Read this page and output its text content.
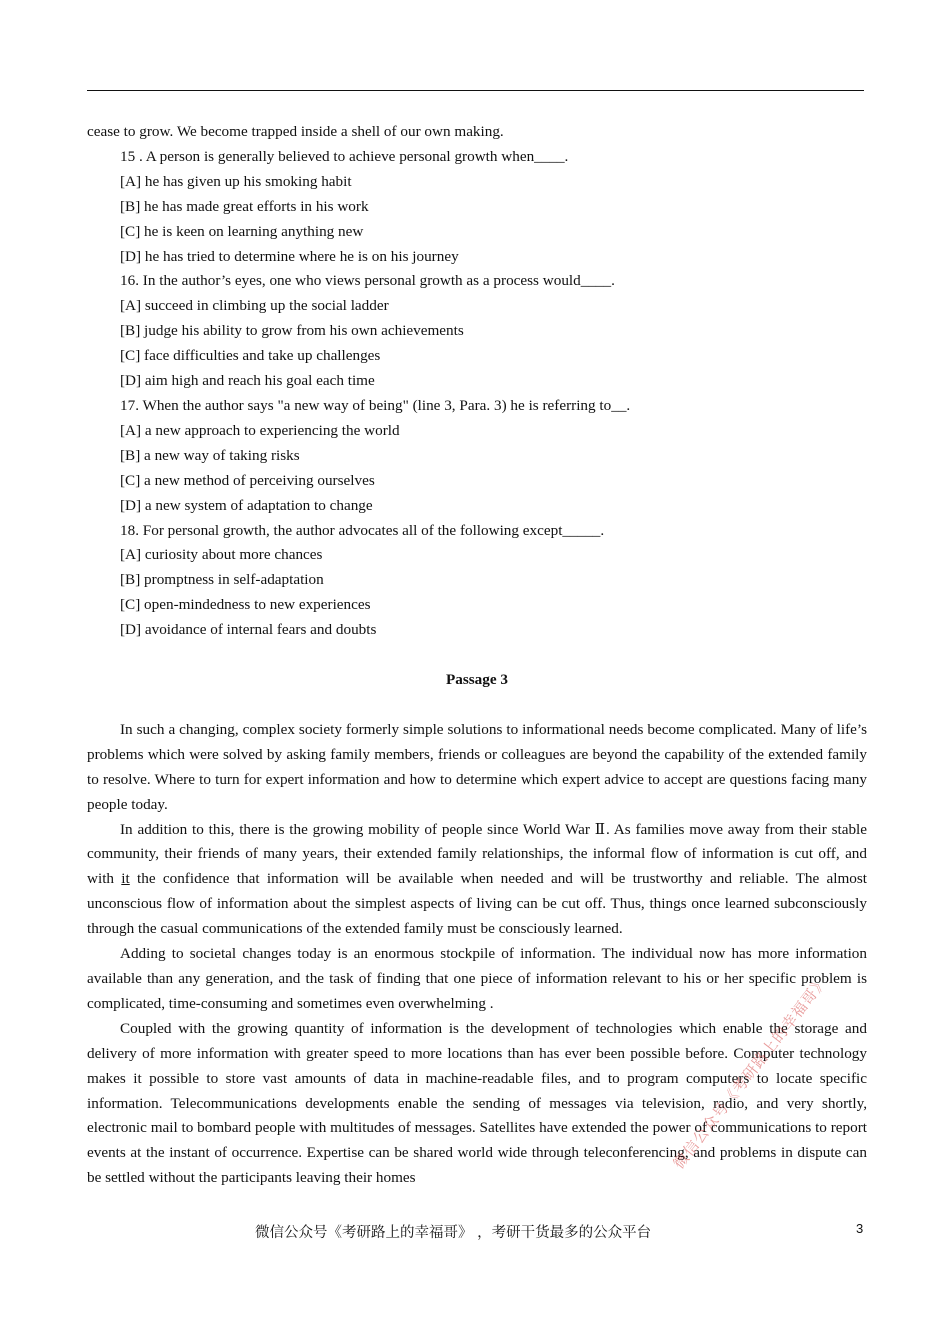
cease to grow. We become trapped inside a shell of our own making.
15 . A person is generally believed to achieve personal growth when____.
[A] he has given up his smoking habit
[B] he has made great efforts in his work
[C] he is keen on learning anything new
[D] he has tried to determine where he is on his journey
16. In the author’s eyes, one who views personal growth as a process would____.
[A] succeed in climbing up the social ladder
[B] judge his ability to grow from his own achievements
[C] face difficulties and take up challenges
[D] aim high and reach his goal each time
17. When the author says "a new way of being" (line 3, Para. 3) he is referring to__.
[A] a new approach to experiencing the world
[B] a new way of taking risks
[C] a new method of perceiving ourselves
[D] a new system of adaptation to change
18. For personal growth, the author advocates all of the following except_____.
[A] curiosity about more chances
[B] promptness in self-adaptation
[C] open-mindedness to new experiences
[D] avoidance of internal fears and doubts
Passage 3

In such a changing, complex society formerly simple solutions to informational needs become complicated. Many of life’s problems which were solved by asking family members, friends or colleagues are beyond the capability of the extended family to resolve. Where to turn for expert information and how to determine which expert advice to accept are questions facing many people today.

In addition to this, there is the growing mobility of people since World War Ⅱ. As families move away from their stable community, their friends of many years, their extended family relationships, the informal flow of information is cut off, and with it the confidence that information will be available when needed and will be trustworthy and reliable. The almost unconscious flow of information about the simplest aspects of living can be cut off. Thus, things once learned subconsciously through the casual communications of the extended family must be consciously learned.

Adding to societal changes today is an enormous stockpile of information. The individual now has more information available than any generation, and the task of finding that one piece of information relevant to his or her specific problem is complicated, time-consuming and sometimes even overwhelming .

Coupled with the growing quantity of information is the development of technologies which enable the storage and delivery of more information with greater speed to more locations than has ever been possible before. Computer technology makes it possible to store vast amounts of data in machine-readable files, and to program computers to locate specific information. Telecommunications developments enable the sending of messages via television, radio, and very shortly, electronic mail to bombard people with multitudes of messages. Satellites have extended the power of communications to report events at the instant of occurrence. Expertise can be shared world wide through teleconferencing, and problems in dispute can be settled without the participants leaving their homes

微信公众号《考研路上的幸福哥》
微信公众号《考研路上的幸福哥》 ，考研干货最多的公众平台	3
